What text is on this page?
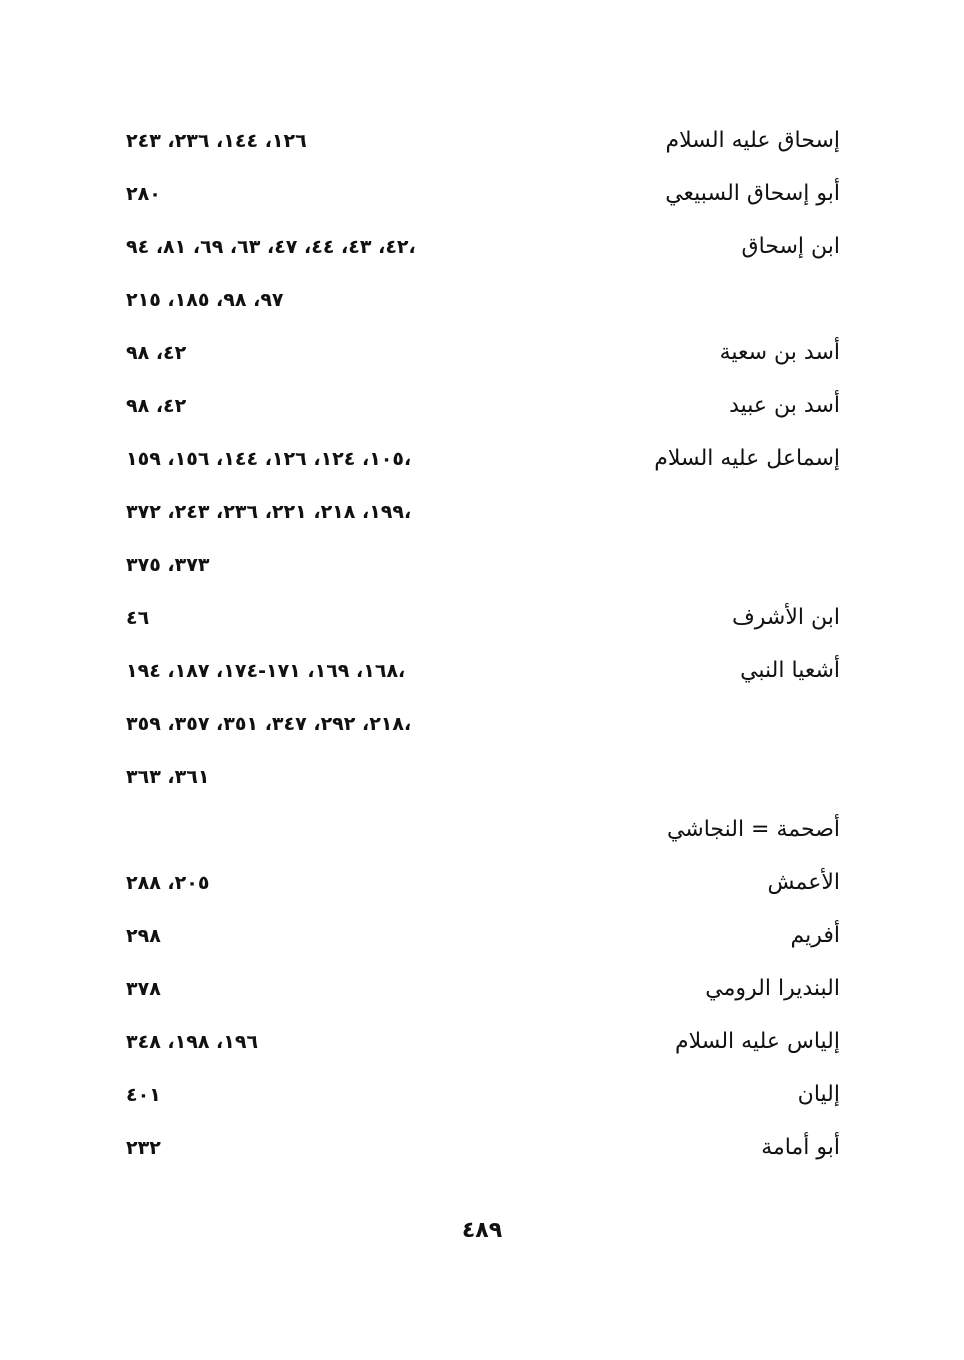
إسحاق عليه السلام
١٢٦، ١٤٤، ٢٣٦، ٢٤٣
أبو إسحاق السبيعي
٢٨٠
ابن إسحاق
٤٢، ٤٣، ٤٤، ٤٧، ٦٣، ٦٩، ٨١، ٩٤،
٩٧، ٩٨، ١٨٥، ٢١٥
أسد بن سعية
٤٢، ٩٨
أسد بن عبيد
٤٢، ٩٨
إسماعل عليه السلام
١٠٥، ١٢٤، ١٢٦، ١٤٤، ١٥٦، ١٥٩،
١٩٩، ٢١٨، ٢٢١، ٢٣٦، ٢٤٣، ٣٧٢،
٣٧٣، ٣٧٥
ابن الأشرف
٤٦
أشعيا النبي
١٦٨، ١٦٩، ١٧١-١٧٤، ١٨٧، ١٩٤،
٢١٨، ٢٩٢، ٣٤٧، ٣٥١، ٣٥٧، ٣٥٩،
٣٦١، ٣٦٣
أصحمة = النجاشي
الأعمش
٢٠٥، ٢٨٨
أفريم
٢٩٨
البنديرا الرومي
٣٧٨
إلياس عليه السلام
١٩٦، ١٩٨، ٣٤٨
إليان
٤٠١
أبو أمامة
٢٣٢
٤٨٩
